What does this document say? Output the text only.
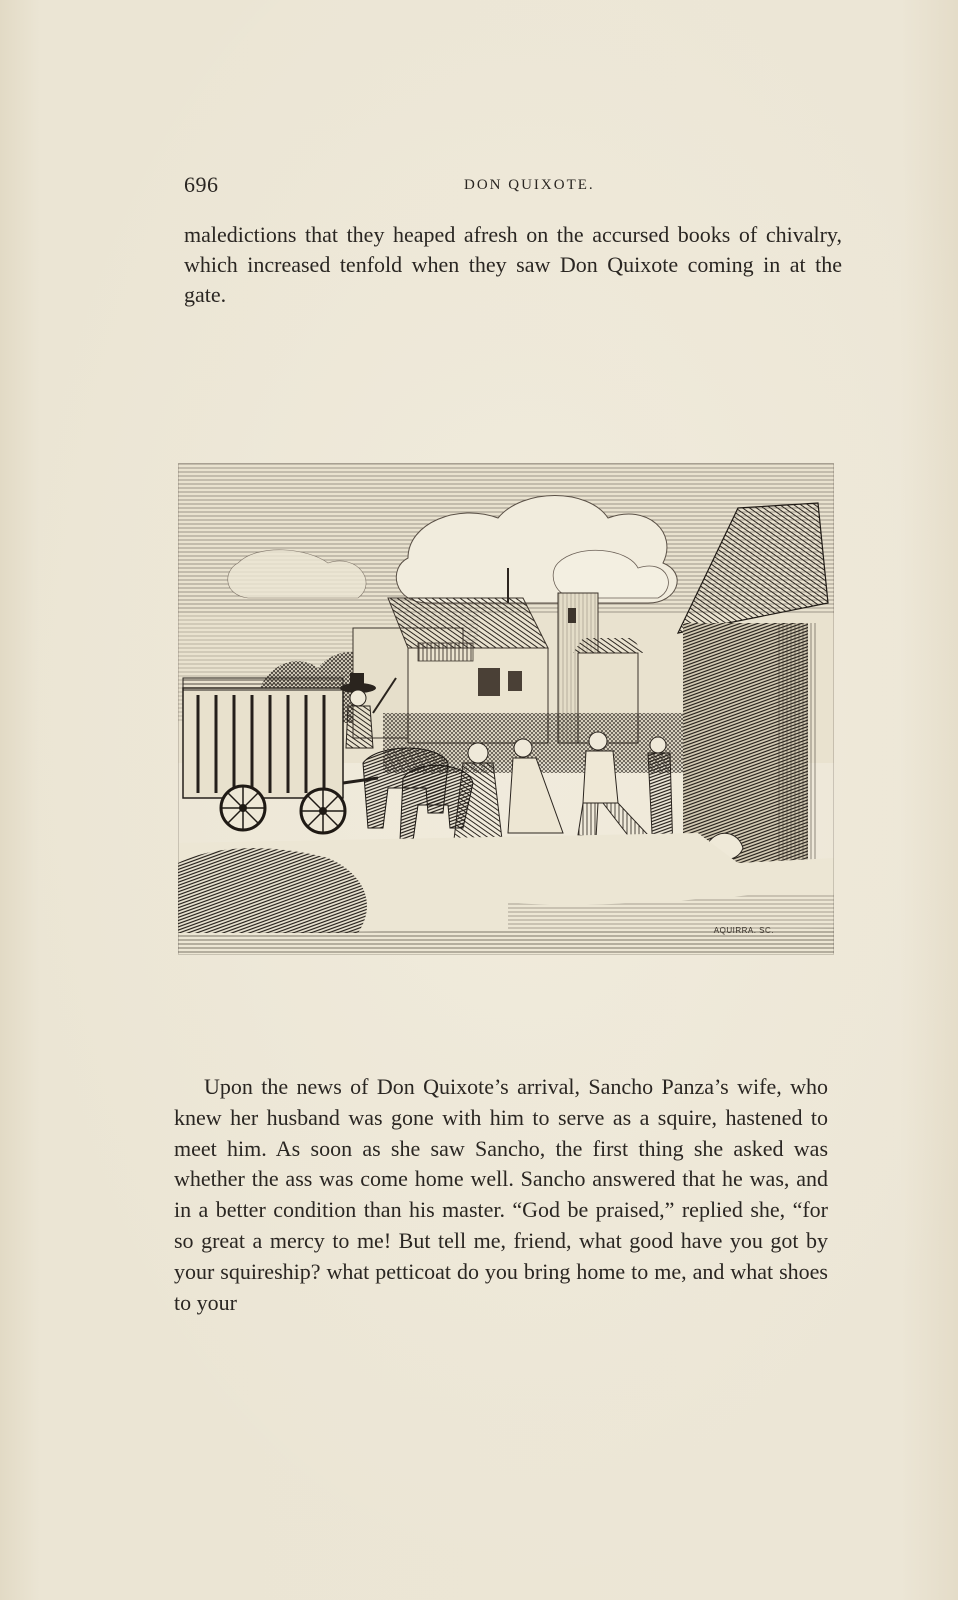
696	DON QUIXOTE.
maledictions that they heaped afresh on the accursed books of chivalry, which increased tenfold when they saw Don Quixote coming in at the gate.
AQUIRRA. SC.
Upon the news of Don Quixote’s arrival, Sancho Panza’s wife, who knew her husband was gone with him to serve as a squire, hastened to meet him. As soon as she saw Sancho, the first thing she asked was whether the ass was come home well. Sancho answered that he was, and in a better condition than his master. “God be praised,” replied she, “for so great a mercy to me! But tell me, friend, what good have you got by your squireship? what petticoat do you bring home to me, and what shoes to your
